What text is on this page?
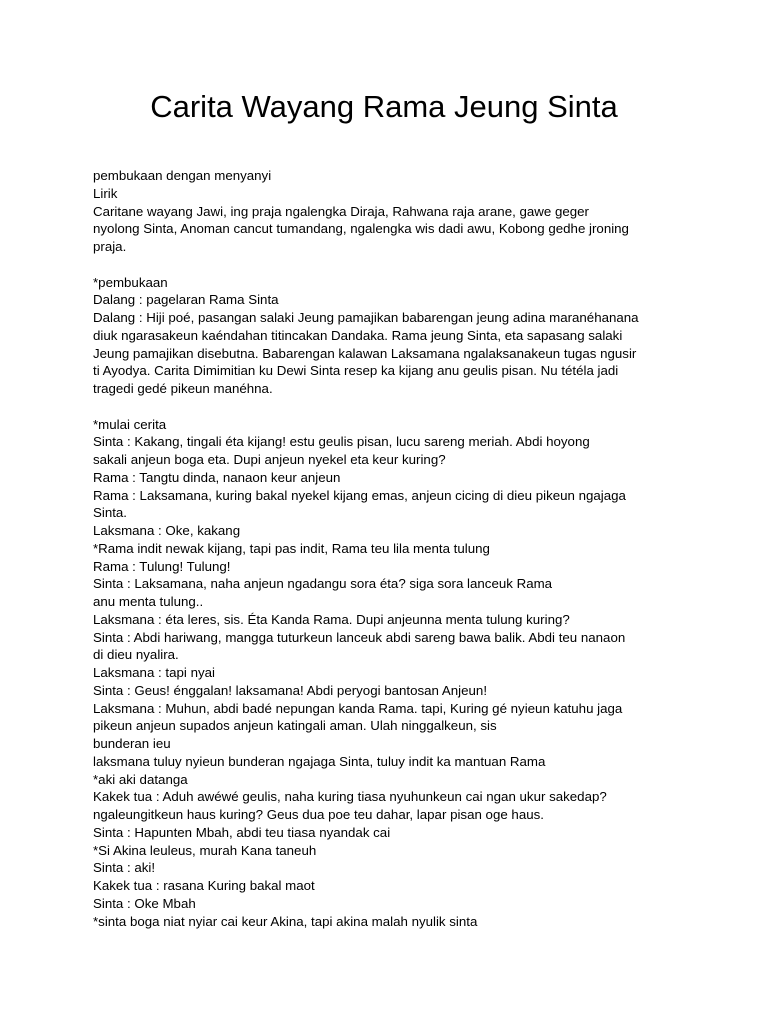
Carita Wayang Rama Jeung Sinta

pembukaan dengan menyanyi

Lirik

Caritane wayang Jawi, ing praja ngalengka Diraja, Rahwana raja arane, gawe geger

nyolong Sinta, Anoman cancut tumandang, ngalengka wis dadi awu, Kobong gedhe jroning

praja.

*pembukaan

Dalang : pagelaran Rama Sinta

Dalang : Hiji poé, pasangan salaki Jeung pamajikan babarengan jeung adina maranéhanana

diuk ngarasakeun kaéndahan titincakan Dandaka. Rama jeung Sinta, eta sapasang salaki

Jeung pamajikan disebutna. Babarengan kalawan Laksamana ngalaksanakeun tugas ngusir

ti Ayodya. Carita Dimimitian ku Dewi Sinta resep ka kijang anu geulis pisan. Nu tétéla jadi

tragedi gedé pikeun manéhna.

*mulai cerita

Sinta : Kakang, tingali éta kijang! estu geulis pisan, lucu sareng meriah. Abdi hoyong

sakali anjeun boga eta. Dupi anjeun nyekel eta keur kuring?

Rama : Tangtu dinda, nanaon keur anjeun

Rama : Laksamana, kuring bakal nyekel kijang emas, anjeun cicing di dieu pikeun ngajaga

Sinta.

Laksmana : Oke, kakang

*Rama indit newak kijang, tapi pas indit, Rama teu lila menta tulung

Rama : Tulung! Tulung!

Sinta : Laksamana, naha anjeun ngadangu sora éta? siga sora lanceuk Rama

anu menta tulung..

Laksmana : éta leres, sis. Éta Kanda Rama. Dupi anjeunna menta tulung kuring?

Sinta : Abdi hariwang, mangga tuturkeun lanceuk abdi sareng bawa balik. Abdi teu nanaon

di dieu nyalira.

Laksmana : tapi nyai

Sinta : Geus! énggalan! laksamana! Abdi peryogi bantosan Anjeun!

Laksmana : Muhun, abdi badé nepungan kanda Rama. tapi, Kuring gé nyieun katuhu jaga

pikeun anjeun supados anjeun katingali aman. Ulah ninggalkeun, sis

bunderan ieu

laksmana tuluy nyieun bunderan ngajaga Sinta, tuluy indit ka mantuan Rama

*aki aki datanga

Kakek tua : Aduh awéwé geulis, naha kuring tiasa nyuhunkeun cai ngan ukur sakedap?

ngaleungitkeun haus kuring? Geus dua poe teu dahar, lapar pisan oge haus.

Sinta : Hapunten Mbah, abdi teu tiasa nyandak cai

*Si Akina leuleus, murah Kana taneuh

Sinta : aki!

Kakek tua : rasana Kuring bakal maot

Sinta : Oke Mbah

*sinta boga niat nyiar cai keur Akina, tapi akina malah nyulik sinta
